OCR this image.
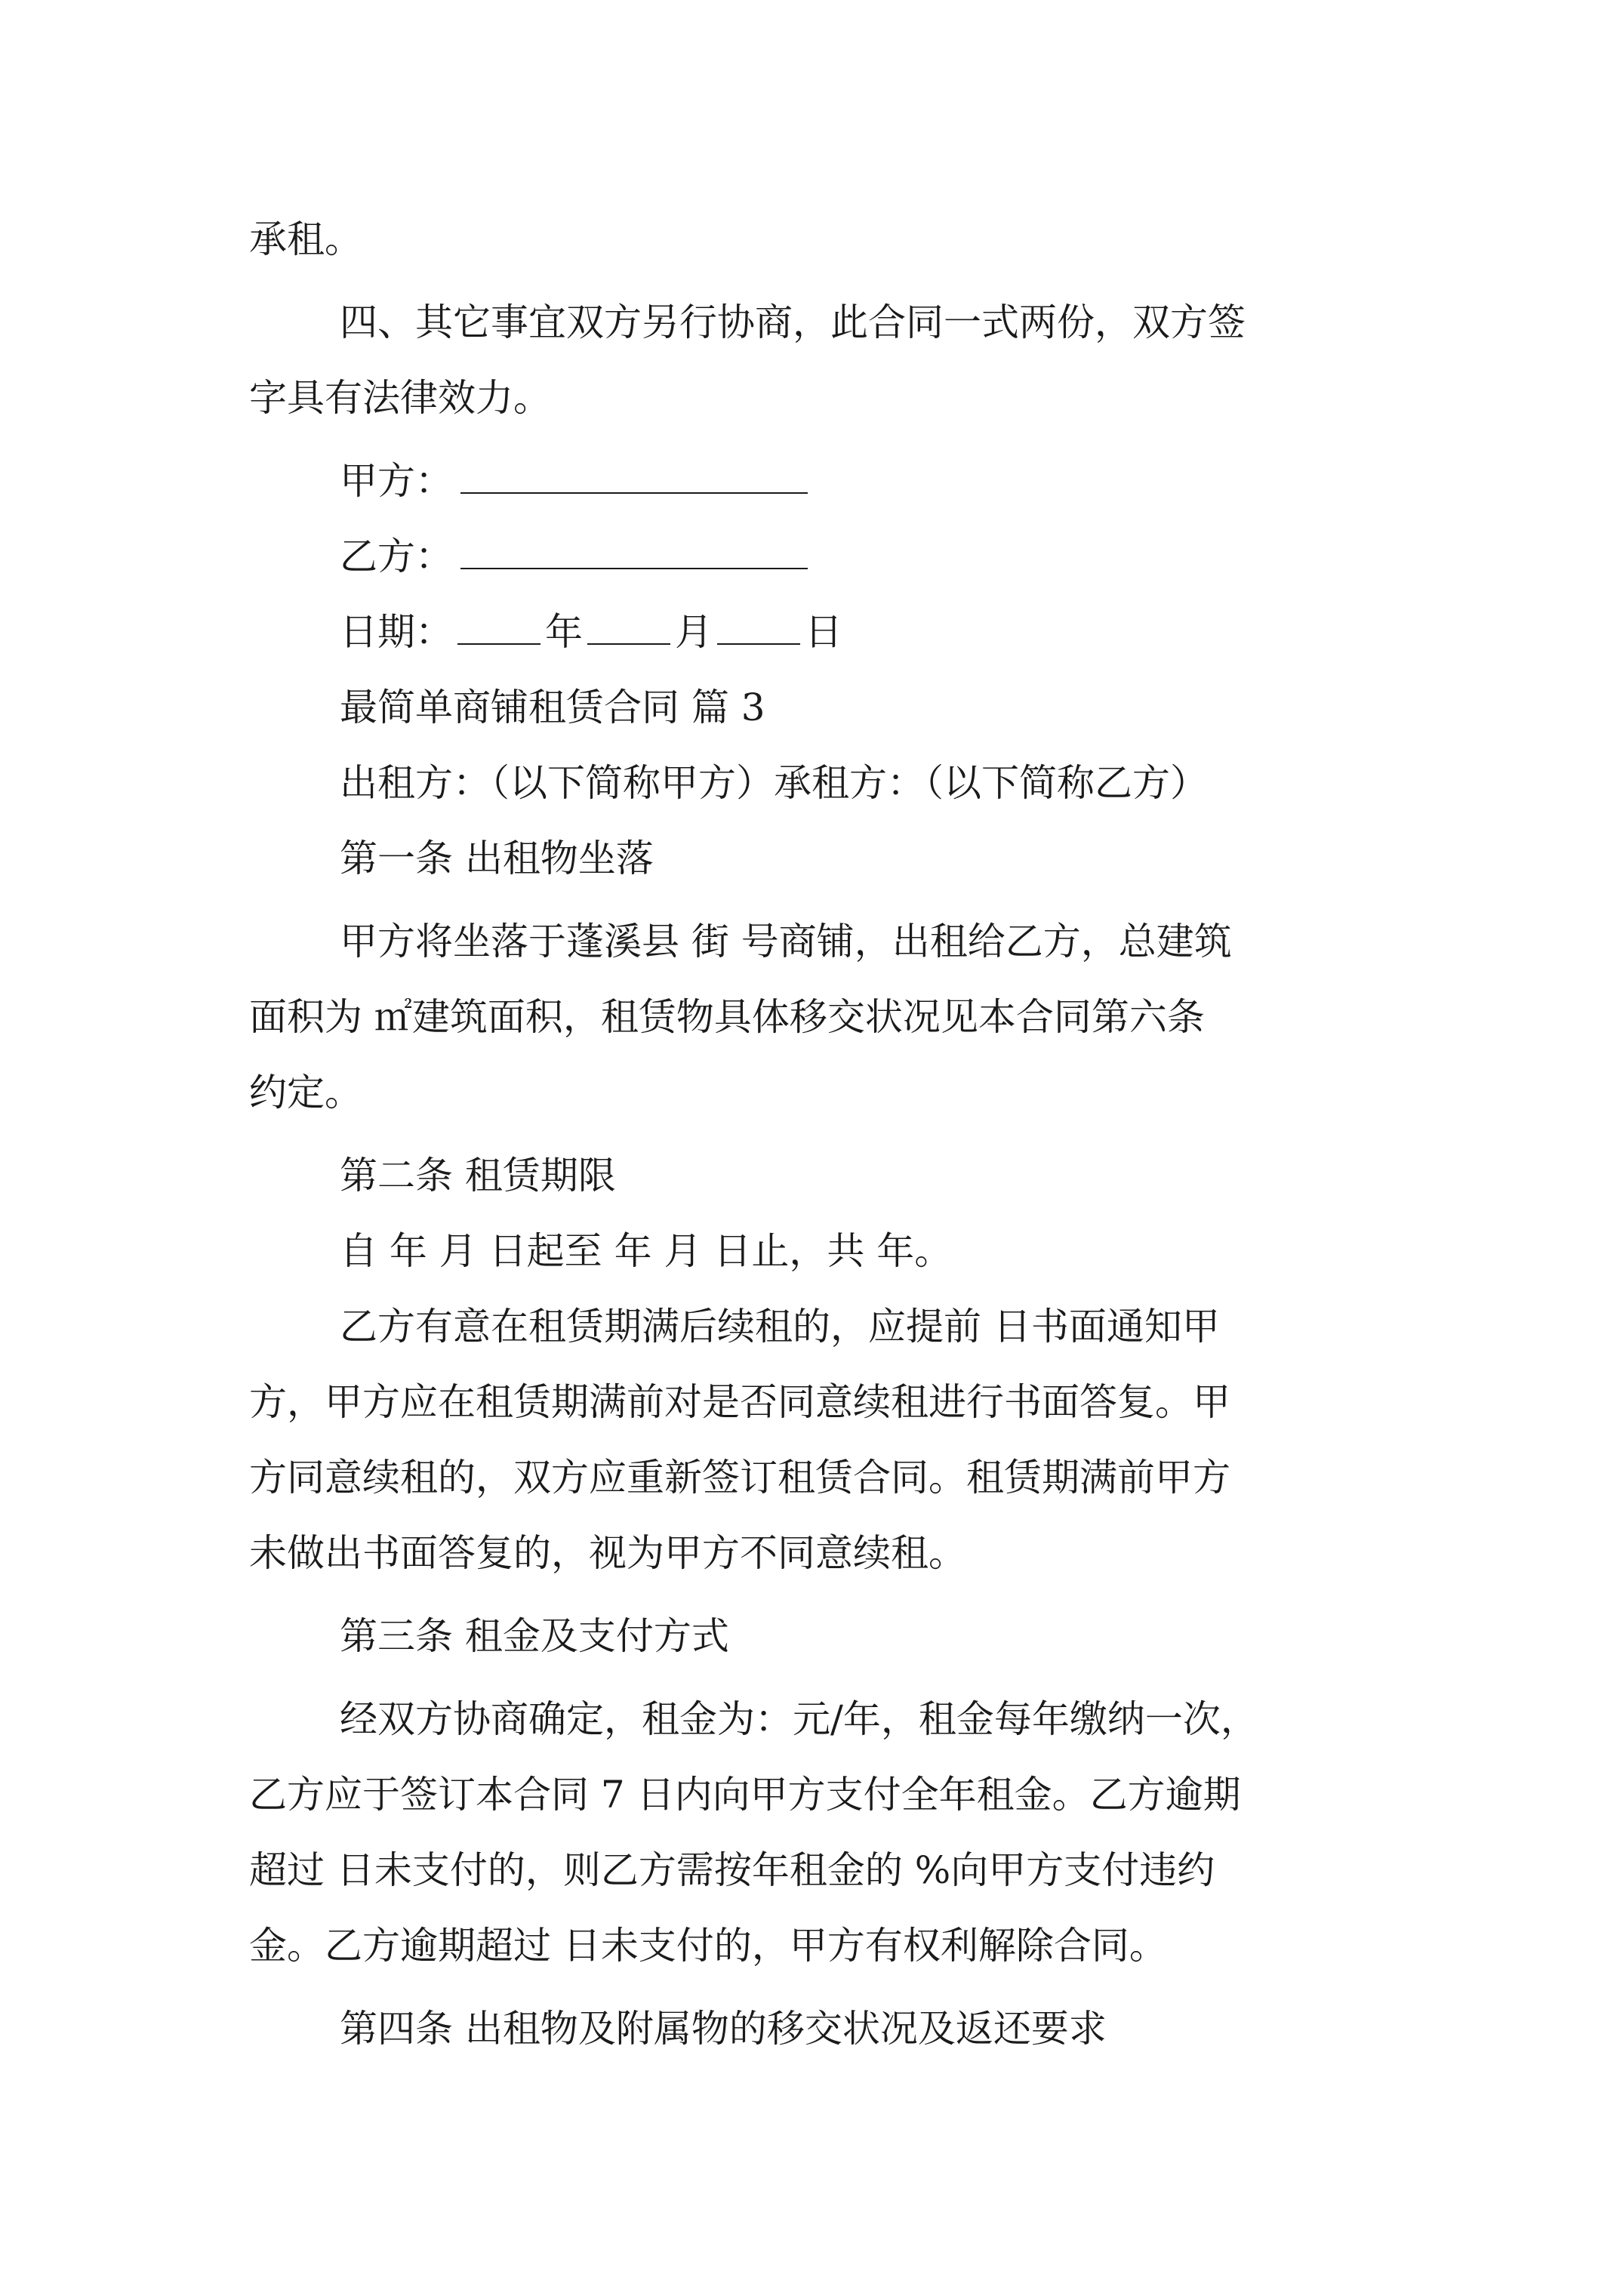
承租。

四、其它事宜双方另行协商，此合同一式两份，双方签

字具有法律效力。

甲方：
乙方：
日期： 年 月 日

最简单商铺租赁合同 篇 3

出租方：（以下简称甲方）承租方：（以下简称乙方）

第一条 出租物坐落

甲方将坐落于蓬溪县 街 号商铺，出租给乙方，总建筑

面积为 ㎡建筑面积，租赁物具体移交状况见本合同第六条

约定。

第二条 租赁期限

自 年 月 日起至 年 月 日止，共 年。

乙方有意在租赁期满后续租的，应提前 日书面通知甲

方，甲方应在租赁期满前对是否同意续租进行书面答复。甲

方同意续租的，双方应重新签订租赁合同。租赁期满前甲方

未做出书面答复的，视为甲方不同意续租。

第三条 租金及支付方式

经双方协商确定，租金为：元/年，租金每年缴纳一次，

乙方应于签订本合同 7 日内向甲方支付全年租金。乙方逾期

超过 日未支付的，则乙方需按年租金的 %向甲方支付违约

金。乙方逾期超过 日未支付的，甲方有权利解除合同。

第四条 出租物及附属物的移交状况及返还要求
